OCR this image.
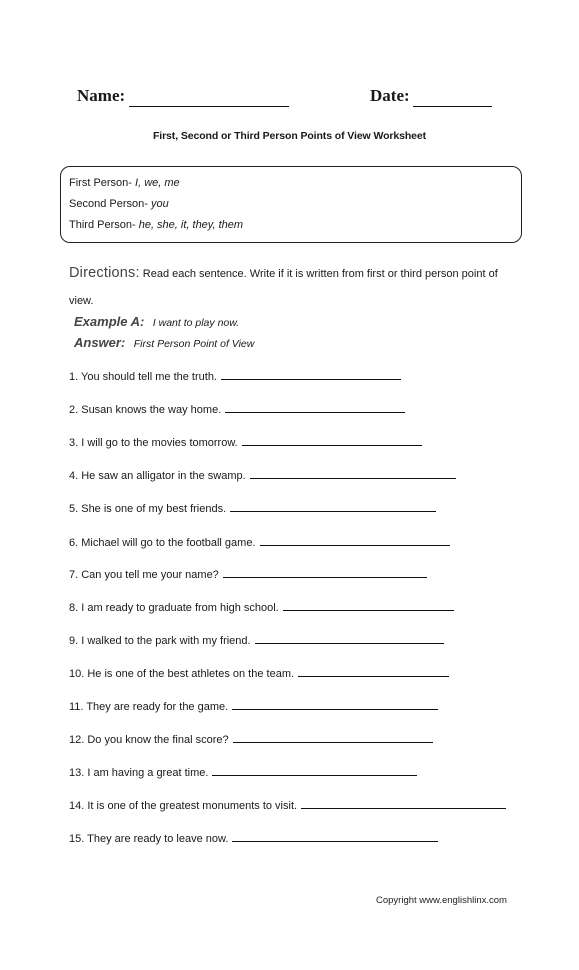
Name:	Date:
First, Second or Third Person Points of View Worksheet
First Person- I, we, me
Second Person- you
Third Person- he, she, it, they, them
Directions: Read each sentence. Write if it is written from first or third person point of view.
Example A: I want to play now.
Answer: First Person Point of View
1. You should tell me the truth.
2. Susan knows the way home.
3. I will go to the movies tomorrow.
4. He saw an alligator in the swamp.
5. She is one of my best friends.
6. Michael will go to the football game.
7. Can you tell me your name?
8. I am ready to graduate from high school.
9. I walked to the park with my friend.
10. He is one of the best athletes on the team.
11. They are ready for the game.
12. Do you know the final score?
13. I am having a great time.
14. It is one of the greatest monuments to visit.
15. They are ready to leave now.
Copyright www.englishlinx.com
